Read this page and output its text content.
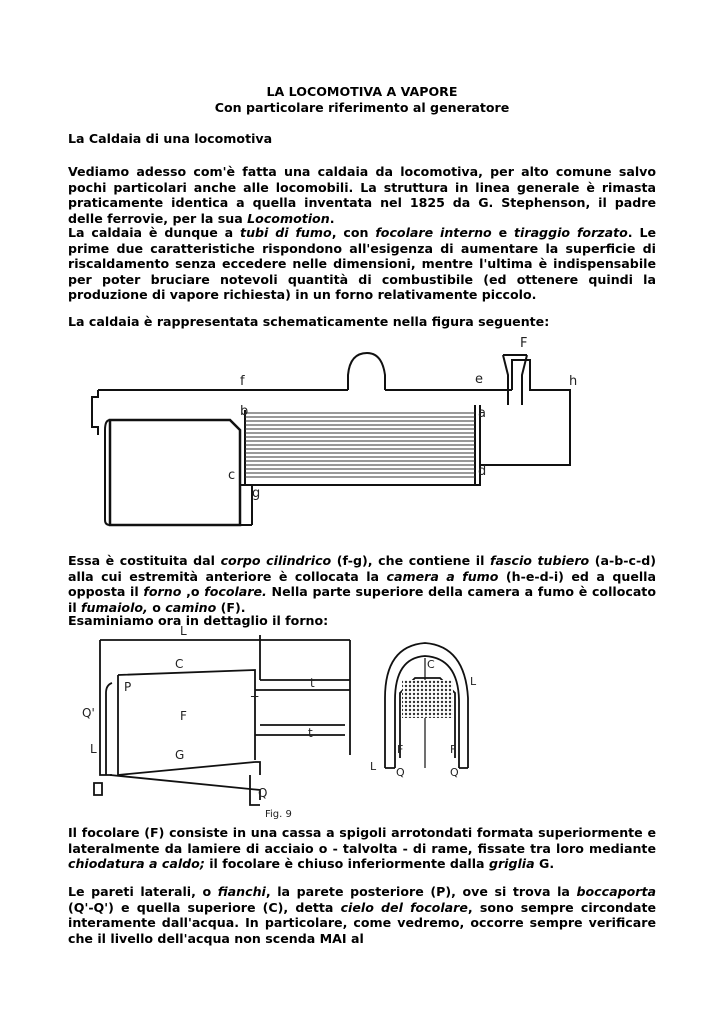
LA LOCOMOTIVA A VAPORE
Con particolare riferimento al generatore
La Caldaia di una locomotiva
Vediamo adesso com'è fatta una caldaia da locomotiva, per alto comune salvo pochi particolari anche alle locomobili. La struttura in linea generale è rimasta praticamente identica a quella inventata nel 1825 da G. Stephenson, il padre delle ferrovie, per la sua Locomotion.
La caldaia è dunque a tubi di fumo, con focolare interno e tiraggio forzato. Le prime due caratteristiche rispondono all'esigenza di aumentare la superficie di riscaldamento senza eccedere nelle dimensioni, mentre l'ultima è indispensabile per poter bruciare notevoli quantità di combustibile (ed ottenere quindi la produzione di vapore richiesta) in un forno relativamente piccolo.
La caldaia è rappresentata schematicamente nella figura seguente:
f	e	h
F
b	a
c	d
g
Essa è costituita dal corpo cilindrico (f-g), che contiene il fascio tubiero (a-b-c-d) alla cui estremità anteriore è collocata la camera a fumo (h-e-d-i) ed a quella opposta il forno ,o focolare. Nella parte superiore della camera a fumo è collocato il fumaiolo, o camino (F).
Esaminiamo ora in dettaglio il forno:
L
C
P
Q'	F
T
t
t
L	G
Q
Fig. 9
C
L
F	F
L Q	Q
Il focolare (F) consiste in una cassa a spigoli arrotondati formata superiormente e lateralmente da lamiere di acciaio o - talvolta - di rame, fissate tra loro mediante chiodatura a caldo; il focolare è chiuso inferiormente dalla griglia G.
Le pareti laterali, o fianchi, la parete posteriore (P), ove si trova la boccaporta (Q'-Q') e quella superiore (C), detta cielo del focolare, sono sempre circondate interamente dall'acqua. In particolare, come vedremo, occorre sempre verificare che il livello dell'acqua non scenda MAI al
